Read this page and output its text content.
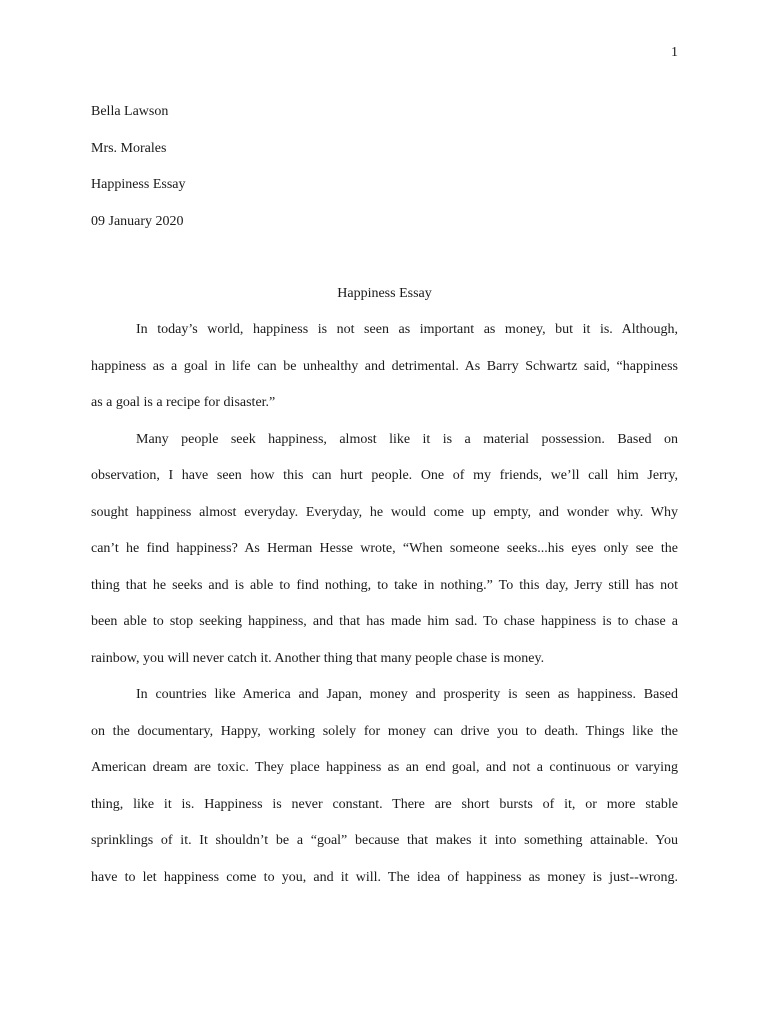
1
Bella Lawson
Mrs. Morales
Happiness Essay
09 January 2020
Happiness Essay

In today’s world, happiness is not seen as important as money, but it is. Although,
happiness as a goal in life can be unhealthy and detrimental. As Barry Schwartz said, “happiness
as a goal is a recipe for disaster.”

Many people seek happiness, almost like it is a material possession. Based on
observation, I have seen how this can hurt people. One of my friends, we’ll call him Jerry,
sought happiness almost everyday. Everyday, he would come up empty, and wonder why. Why
can’t he find happiness? As Herman Hesse wrote, “When someone seeks...his eyes only see the
thing that he seeks and is able to find nothing, to take in nothing.” To this day, Jerry still has not
been able to stop seeking happiness, and that has made him sad. To chase happiness is to chase a
rainbow, you will never catch it. Another thing that many people chase is money.

In countries like America and Japan, money and prosperity is seen as happiness. Based
on the documentary, Happy, working solely for money can drive you to death. Things like the
American dream are toxic. They place happiness as an end goal, and not a continuous or varying
thing, like it is. Happiness is never constant. There are short bursts of it, or more stable
sprinklings of it. It shouldn’t be a “goal” because that makes it into something attainable. You
have to let happiness come to you, and it will. The idea of happiness as money is just--wrong.
